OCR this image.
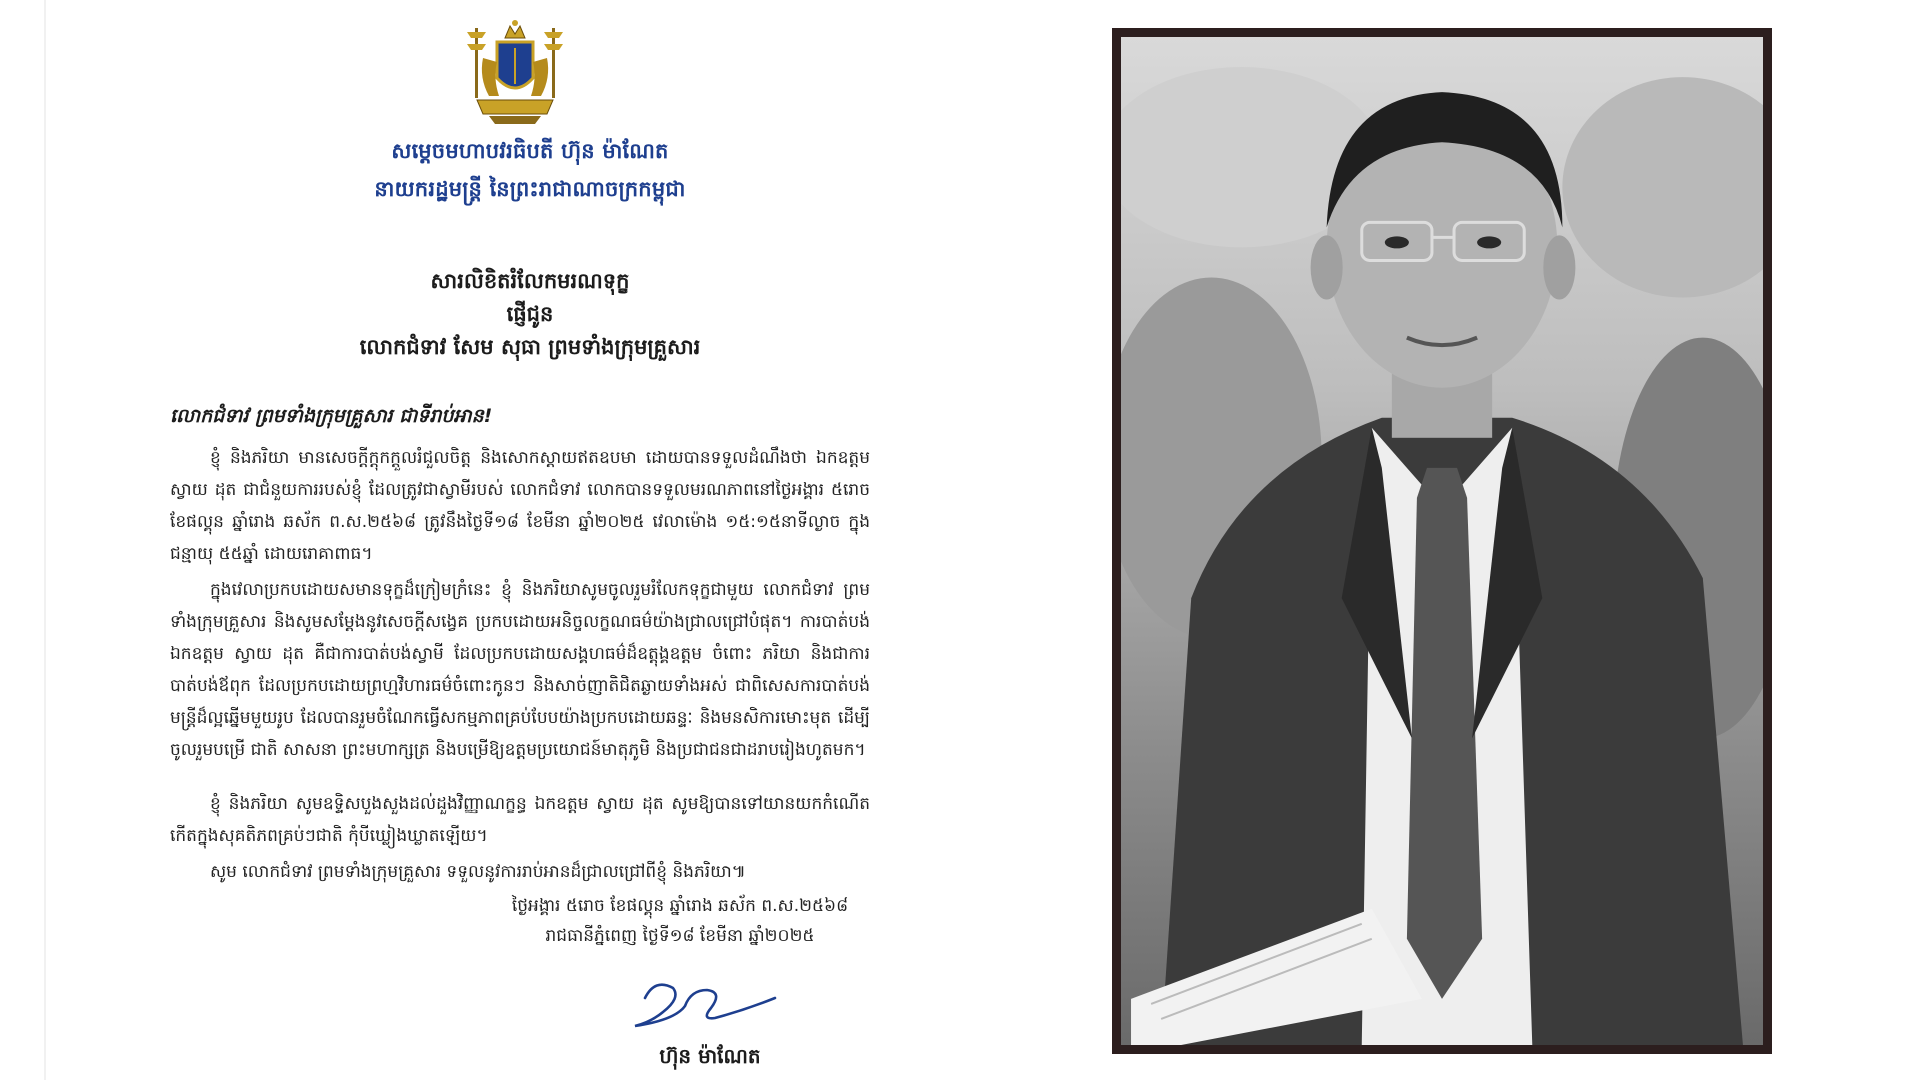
សម្តេចមហាបវរធិបតី ហ៊ុន ម៉ាណែត
នាយករដ្ឋមន្ត្រី នៃព្រះរាជាណាចក្រកម្ពុជា
សារលិខិតរំលែកមរណទុក្ខ
ផ្ញើជូន
លោកជំទាវ សែម សុធា ព្រមទាំងក្រុមគ្រួសារ
លោកជំទាវ ព្រមទាំងក្រុមគ្រួសារ ជាទីរាប់អាន!

ខ្ញុំ និងភរិយា មានសេចក្តីក្តុកក្តួលរំជួលចិត្ត និងសោកស្តាយឥតឧបមា ដោយបានទទួលដំណឹងថា ឯកឧត្តម ស្វាយ ដុត ជាជំនួយការរបស់ខ្ញុំ ដែលត្រូវជាស្វាមីរបស់ លោកជំទាវ លោកបានទទួលមរណភាពនៅថ្ងៃអង្គារ ៥រោច ខែផល្គុន ឆ្នាំរោង ឆស័ក ព.ស.២៥៦៨ ត្រូវនឹងថ្ងៃទី១៨ ខែមីនា ឆ្នាំ២០២៥ វេលាម៉ោង ១៥:១៥នាទីល្ងាច ក្នុងជន្មាយុ ៥៥ឆ្នាំ ដោយរោគាពាធ។

ក្នុងវេលាប្រកបដោយសមានទុក្ខដ៏ក្រៀមក្រំនេះ ខ្ញុំ និងភរិយាសូមចូលរួមរំលែកទុក្ខជាមួយ លោកជំទាវ ព្រមទាំងក្រុមគ្រួសារ និងសូមសម្តែងនូវសេចក្តីសង្វេគ ប្រកបដោយអនិច្ចលក្ខណធម៌យ៉ាងជ្រាលជ្រៅបំផុត។ ការបាត់បង់ ឯកឧត្តម ស្វាយ ដុត គឺជាការបាត់បង់ស្វាមី ដែលប្រកបដោយសង្គហធម៌ដ៏ឧត្តុង្គឧត្តម ចំពោះ ភរិយា និងជាការបាត់បង់ឪពុក ដែលប្រកបដោយព្រហ្មវិហារធម៌ចំពោះកូនៗ និងសាច់ញាតិជិតឆ្ងាយទាំងអស់ ជាពិសេសការបាត់បង់មន្ត្រីដ៏ល្អឆ្នើមមួយរូប ដែលបានរួមចំណែកធ្វើសកម្មភាពគ្រប់បែបយ៉ាងប្រកបដោយឆន្ទៈ និងមនសិការមោះមុត ដើម្បីចូលរួមបម្រើ ជាតិ សាសនា ព្រះមហាក្សត្រ និងបម្រើឱ្យឧត្តមប្រយោជន៍មាតុភូមិ និងប្រជាជនជាដរាបរៀងហូតមក។

ខ្ញុំ និងភរិយា សូមឧទ្ទិសបួងសួងដល់ដួងវិញ្ញាណក្ខន្ធ ឯកឧត្តម ស្វាយ ដុត សូមឱ្យបានទៅយានយកកំណើតកើតក្នុងសុគតិភពគ្រប់ៗជាតិ កុំបីឃ្លៀងឃ្លាតឡើយ។

សូម លោកជំទាវ ព្រមទាំងក្រុមគ្រួសារ ទទួលនូវការរាប់អានដ៏ជ្រាលជ្រៅពីខ្ញុំ និងភរិយា៕

ថ្ងៃអង្គារ ៥រោច ខែផល្គុន ឆ្នាំរោង ឆស័ក ព.ស.២៥៦៨
រាជធានីភ្នំពេញ ថ្ងៃទី១៨ ខែមីនា ឆ្នាំ២០២៥
ហ៊ុន ម៉ាណែត
